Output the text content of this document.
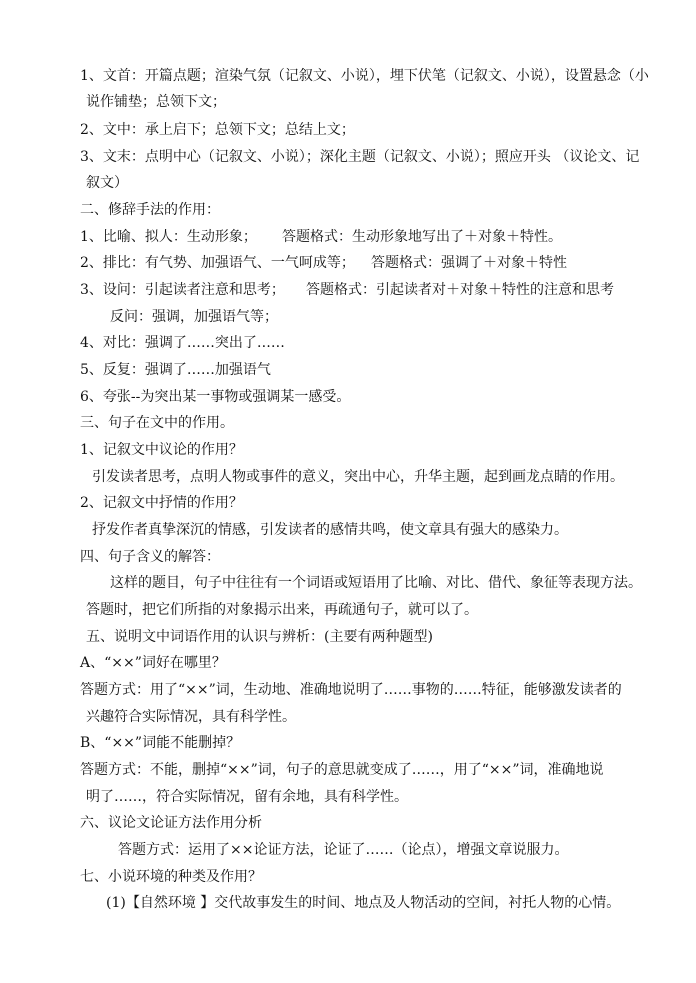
1、文首：开篇点题；渲染气氛（记叙文、小说），埋下伏笔（记叙文、小说），设置悬念（小
说作铺垫；总领下文；
2、文中：承上启下；总领下文；总结上文；
3、文末：点明中心（记叙文、小说）；深化主题（记叙文、小说）；照应开头 （议论文、记
叙文）
二、修辞手法的作用：
1、比喻、拟人：生动形象； 答题格式：生动形象地写出了＋对象＋特性。
2、排比：有气势、加强语气、一气呵成等； 答题格式：强调了＋对象＋特性
3、设问：引起读者注意和思考； 答题格式：引起读者对＋对象＋特性的注意和思考
反问：强调，加强语气等；
4、对比：强调了……突出了……
5、反复：强调了……加强语气
6、夸张--为突出某一事物或强调某一感受。
三、句子在文中的作用。
1、记叙文中议论的作用？
引发读者思考，点明人物或事件的意义，突出中心，升华主题，起到画龙点睛的作用。
2、记叙文中抒情的作用？
抒发作者真挚深沉的情感，引发读者的感情共鸣，使文章具有强大的感染力。
四、句子含义的解答：
这样的题目，句子中往往有一个词语或短语用了比喻、对比、借代、象征等表现方法。
答题时，把它们所指的对象揭示出来，再疏通句子，就可以了。
五、说明文中词语作用的认识与辨析：(主要有两种题型)
A、“××”词好在哪里？
答题方式：用了“××”词，生动地、准确地说明了……事物的……特征，能够激发读者的
兴趣符合实际情况，具有科学性。
B、“××”词能不能删掉？
答题方式：不能，删掉“××”词，句子的意思就变成了……，用了“××”词，准确地说
明了……，符合实际情况，留有余地，具有科学性。
六、议论文论证方法作用分析
答题方式：运用了××论证方法，论证了……（论点），增强文章说服力。
七、小说环境的种类及作用？
(1)【自然环境 】交代故事发生的时间、地点及人物活动的空间，衬托人物的心情。
